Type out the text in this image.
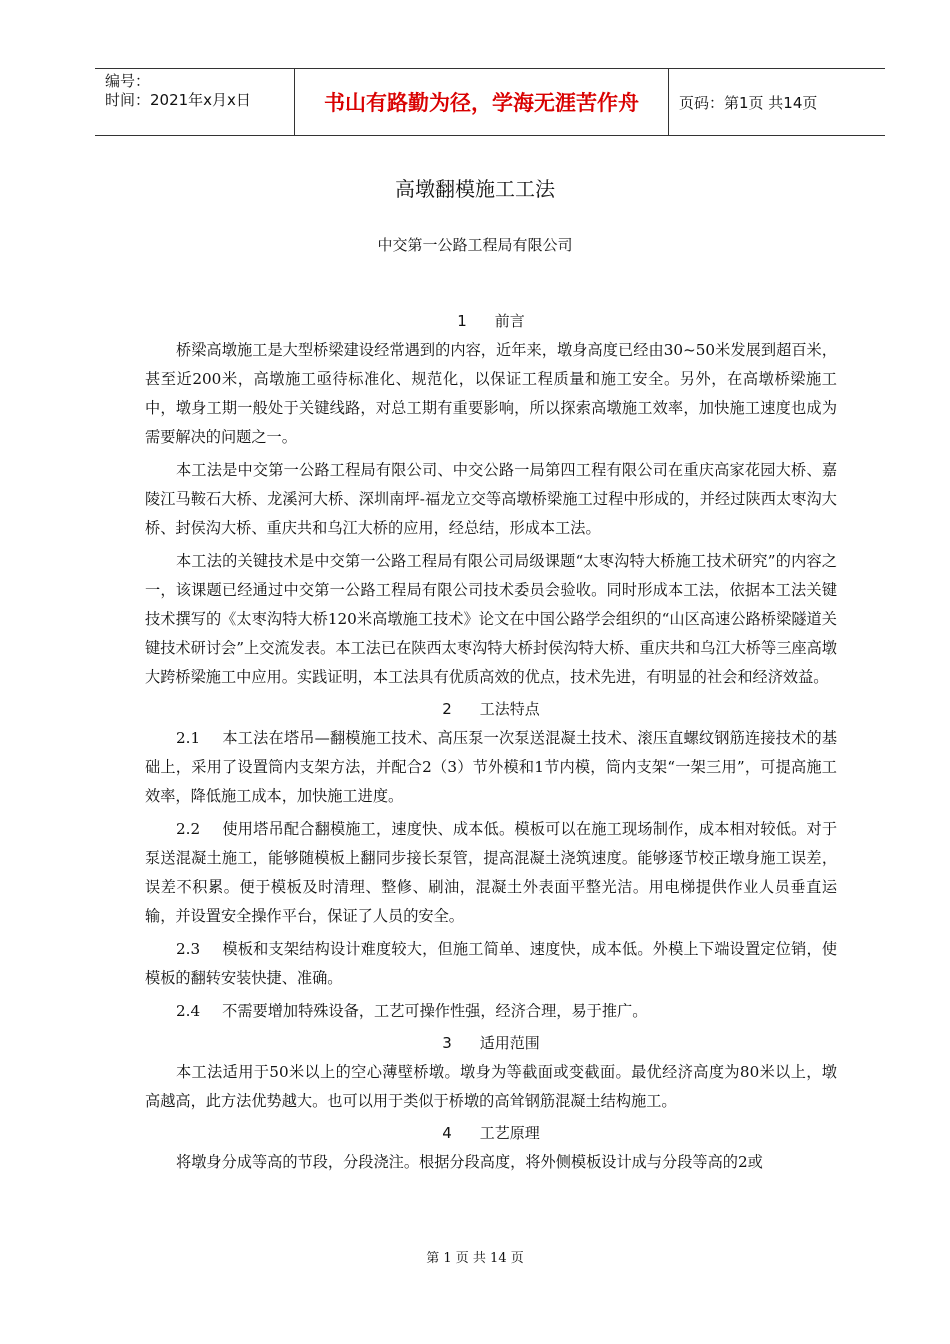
编号：
时间：2021年x月x日	书山有路勤为径，学海无涯苦作舟	页码：第1页 共14页
高墩翻模施工工法
中交第一公路工程局有限公司
1 前言

桥梁高墩施工是大型桥梁建设经常遇到的内容，近年来，墩身高度已经由30~50米发展到超百米，甚至近200米，高墩施工亟待标准化、规范化，以保证工程质量和施工安全。另外，在高墩桥梁施工中，墩身工期一般处于关键线路，对总工期有重要影响，所以探索高墩施工效率，加快施工速度也成为需要解决的问题之一。

本工法是中交第一公路工程局有限公司、中交公路一局第四工程有限公司在重庆高家花园大桥、嘉陵江马鞍石大桥、龙溪河大桥、深圳南坪-福龙立交等高墩桥梁施工过程中形成的，并经过陕西太枣沟大桥、封侯沟大桥、重庆共和乌江大桥的应用，经总结，形成本工法。

本工法的关键技术是中交第一公路工程局有限公司局级课题“太枣沟特大桥施工技术研究”的内容之一，该课题已经通过中交第一公路工程局有限公司技术委员会验收。同时形成本工法，依据本工法关键技术撰写的《太枣沟特大桥120米高墩施工技术》论文在中国公路学会组织的“山区高速公路桥梁隧道关键技术研讨会”上交流发表。本工法已在陕西太枣沟特大桥封侯沟特大桥、重庆共和乌江大桥等三座高墩大跨桥梁施工中应用。实践证明，本工法具有优质高效的优点，技术先进，有明显的社会和经济效益。

2 工法特点

2.1 本工法在塔吊—翻模施工技术、高压泵一次泵送混凝土技术、滚压直螺纹钢筋连接技术的基础上，采用了设置筒内支架方法，并配合2（3）节外模和1节内模，筒内支架“一架三用”，可提高施工效率，降低施工成本，加快施工进度。

2.2 使用塔吊配合翻模施工，速度快、成本低。模板可以在施工现场制作，成本相对较低。对于泵送混凝土施工，能够随模板上翻同步接长泵管，提高混凝土浇筑速度。能够逐节校正墩身施工误差，误差不积累。便于模板及时清理、整修、刷油，混凝土外表面平整光洁。用电梯提供作业人员垂直运输，并设置安全操作平台，保证了人员的安全。

2.3 模板和支架结构设计难度较大，但施工简单、速度快，成本低。外模上下端设置定位销，使模板的翻转安装快捷、准确。

2.4 不需要增加特殊设备，工艺可操作性强，经济合理，易于推广。

3 适用范围

本工法适用于50米以上的空心薄壁桥墩。墩身为等截面或变截面。最优经济高度为80米以上，墩高越高，此方法优势越大。也可以用于类似于桥墩的高耸钢筋混凝土结构施工。

4 工艺原理

将墩身分成等高的节段，分段浇注。根据分段高度，将外侧模板设计成与分段等高的2或

第 1 页 共 14 页
